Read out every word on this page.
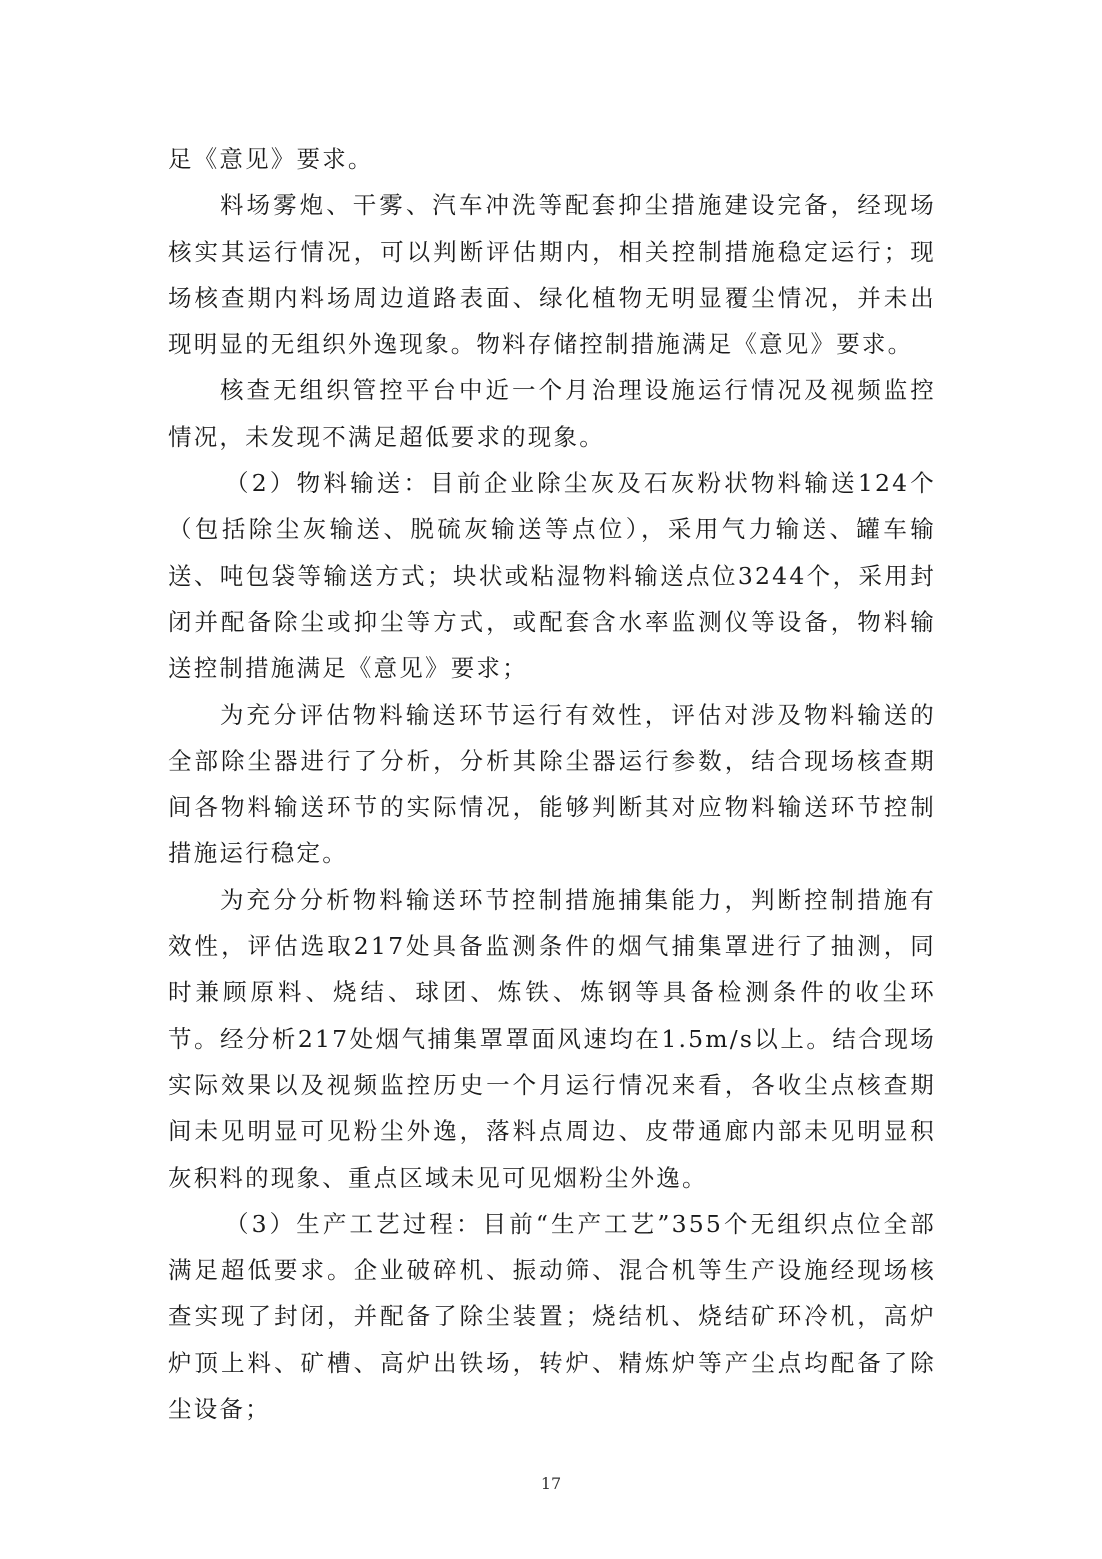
足《意见》要求。

料场雾炮、干雾、汽车冲洗等配套抑尘措施建设完备，经现场核实其运行情况，可以判断评估期内，相关控制措施稳定运行；现场核查期内料场周边道路表面、绿化植物无明显覆尘情况，并未出现明显的无组织外逸现象。物料存储控制措施满足《意见》要求。

核查无组织管控平台中近一个月治理设施运行情况及视频监控情况，未发现不满足超低要求的现象。

（2）物料输送：目前企业除尘灰及石灰粉状物料输送124个（包括除尘灰输送、脱硫灰输送等点位），采用气力输送、罐车输送、吨包袋等输送方式；块状或粘湿物料输送点位3244个，采用封闭并配备除尘或抑尘等方式，或配套含水率监测仪等设备，物料输送控制措施满足《意见》要求；

为充分评估物料输送环节运行有效性，评估对涉及物料输送的全部除尘器进行了分析，分析其除尘器运行参数，结合现场核查期间各物料输送环节的实际情况，能够判断其对应物料输送环节控制措施运行稳定。

为充分分析物料输送环节控制措施捕集能力，判断控制措施有效性，评估选取217处具备监测条件的烟气捕集罩进行了抽测，同时兼顾原料、烧结、球团、炼铁、炼钢等具备检测条件的收尘环节。经分析217处烟气捕集罩罩面风速均在1.5m/s以上。结合现场实际效果以及视频监控历史一个月运行情况来看，各收尘点核查期间未见明显可见粉尘外逸，落料点周边、皮带通廊内部未见明显积灰积料的现象、重点区域未见可见烟粉尘外逸。

（3）生产工艺过程：目前“生产工艺”355个无组织点位全部满足超低要求。企业破碎机、振动筛、混合机等生产设施经现场核查实现了封闭，并配备了除尘装置；烧结机、烧结矿环冷机，高炉炉顶上料、矿槽、高炉出铁场，转炉、精炼炉等产尘点均配备了除尘设备；

17
